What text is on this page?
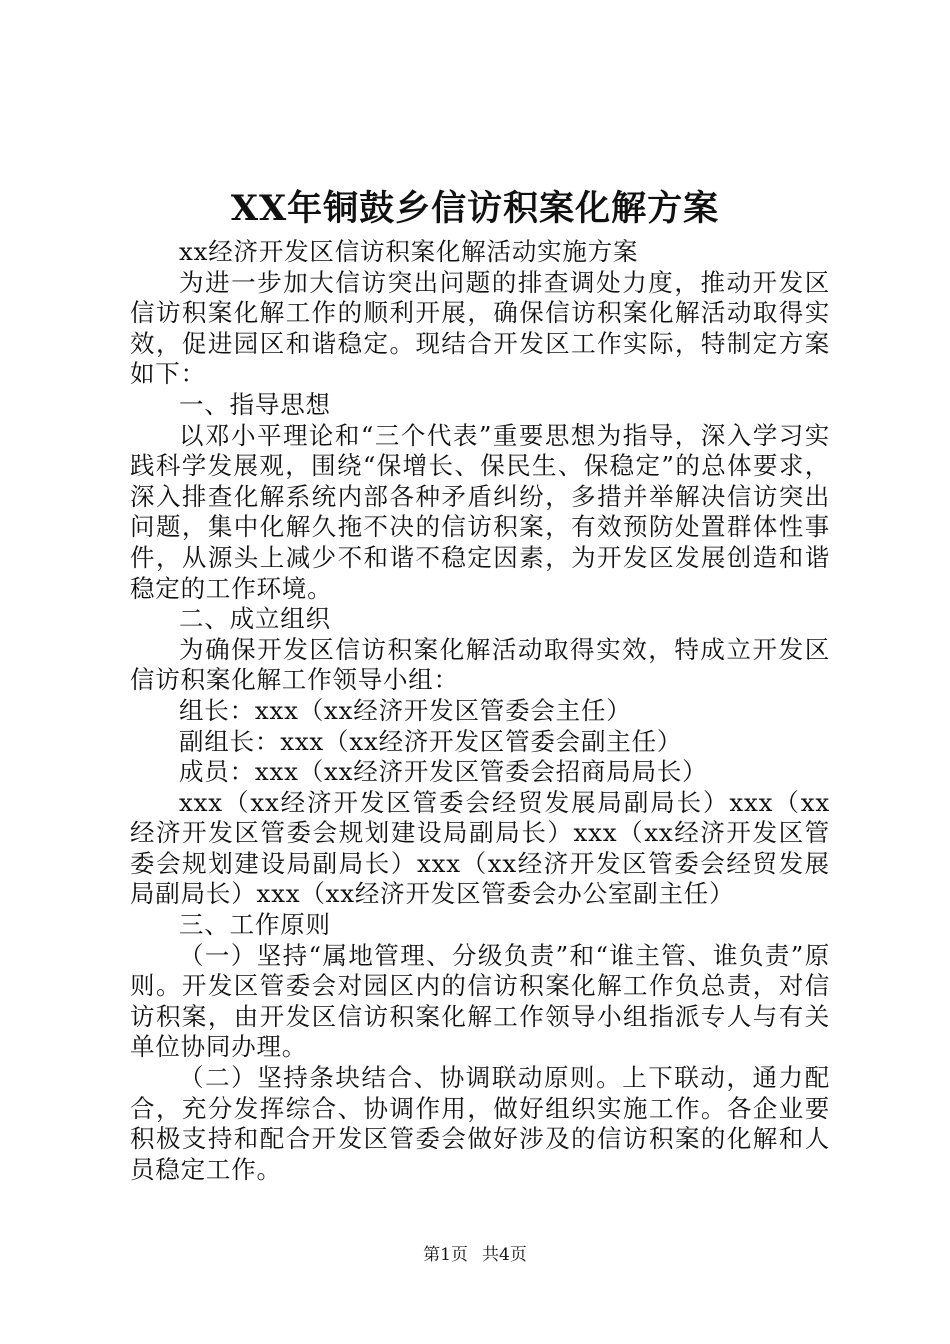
XX年铜鼓乡信访积案化解方案

xx经济开发区信访积案化解活动实施方案

为进一步加大信访突出问题的排查调处力度，推动开发区信访积案化解工作的顺利开展，确保信访积案化解活动取得实效，促进园区和谐稳定。现结合开发区工作实际，特制定方案如下：

一、指导思想

以邓小平理论和“三个代表”重要思想为指导，深入学习实践科学发展观，围绕“保增长、保民生、保稳定”的总体要求，深入排查化解系统内部各种矛盾纠纷，多措并举解决信访突出问题，集中化解久拖不决的信访积案，有效预防处置群体性事件，从源头上减少不和谐不稳定因素，为开发区发展创造和谐稳定的工作环境。

二、成立组织

为确保开发区信访积案化解活动取得实效，特成立开发区信访积案化解工作领导小组：

组长：xxx（xx经济开发区管委会主任）

副组长：xxx（xx经济开发区管委会副主任）

成员：xxx（xx经济开发区管委会招商局局长）

xxx（xx经济开发区管委会经贸发展局副局长）xxx（xx经济开发区管委会规划建设局副局长）xxx（xx经济开发区管委会规划建设局副局长）xxx（xx经济开发区管委会经贸发展局副局长）xxx（xx经济开发区管委会办公室副主任）

三、工作原则

（一）坚持“属地管理、分级负责”和“谁主管、谁负责”原则。开发区管委会对园区内的信访积案化解工作负总责，对信访积案，由开发区信访积案化解工作领导小组指派专人与有关单位协同办理。

（二）坚持条块结合、协调联动原则。上下联动，通力配合，充分发挥综合、协调作用，做好组织实施工作。各企业要积极支持和配合开发区管委会做好涉及的信访积案的化解和人员稳定工作。

第1页 共4页
